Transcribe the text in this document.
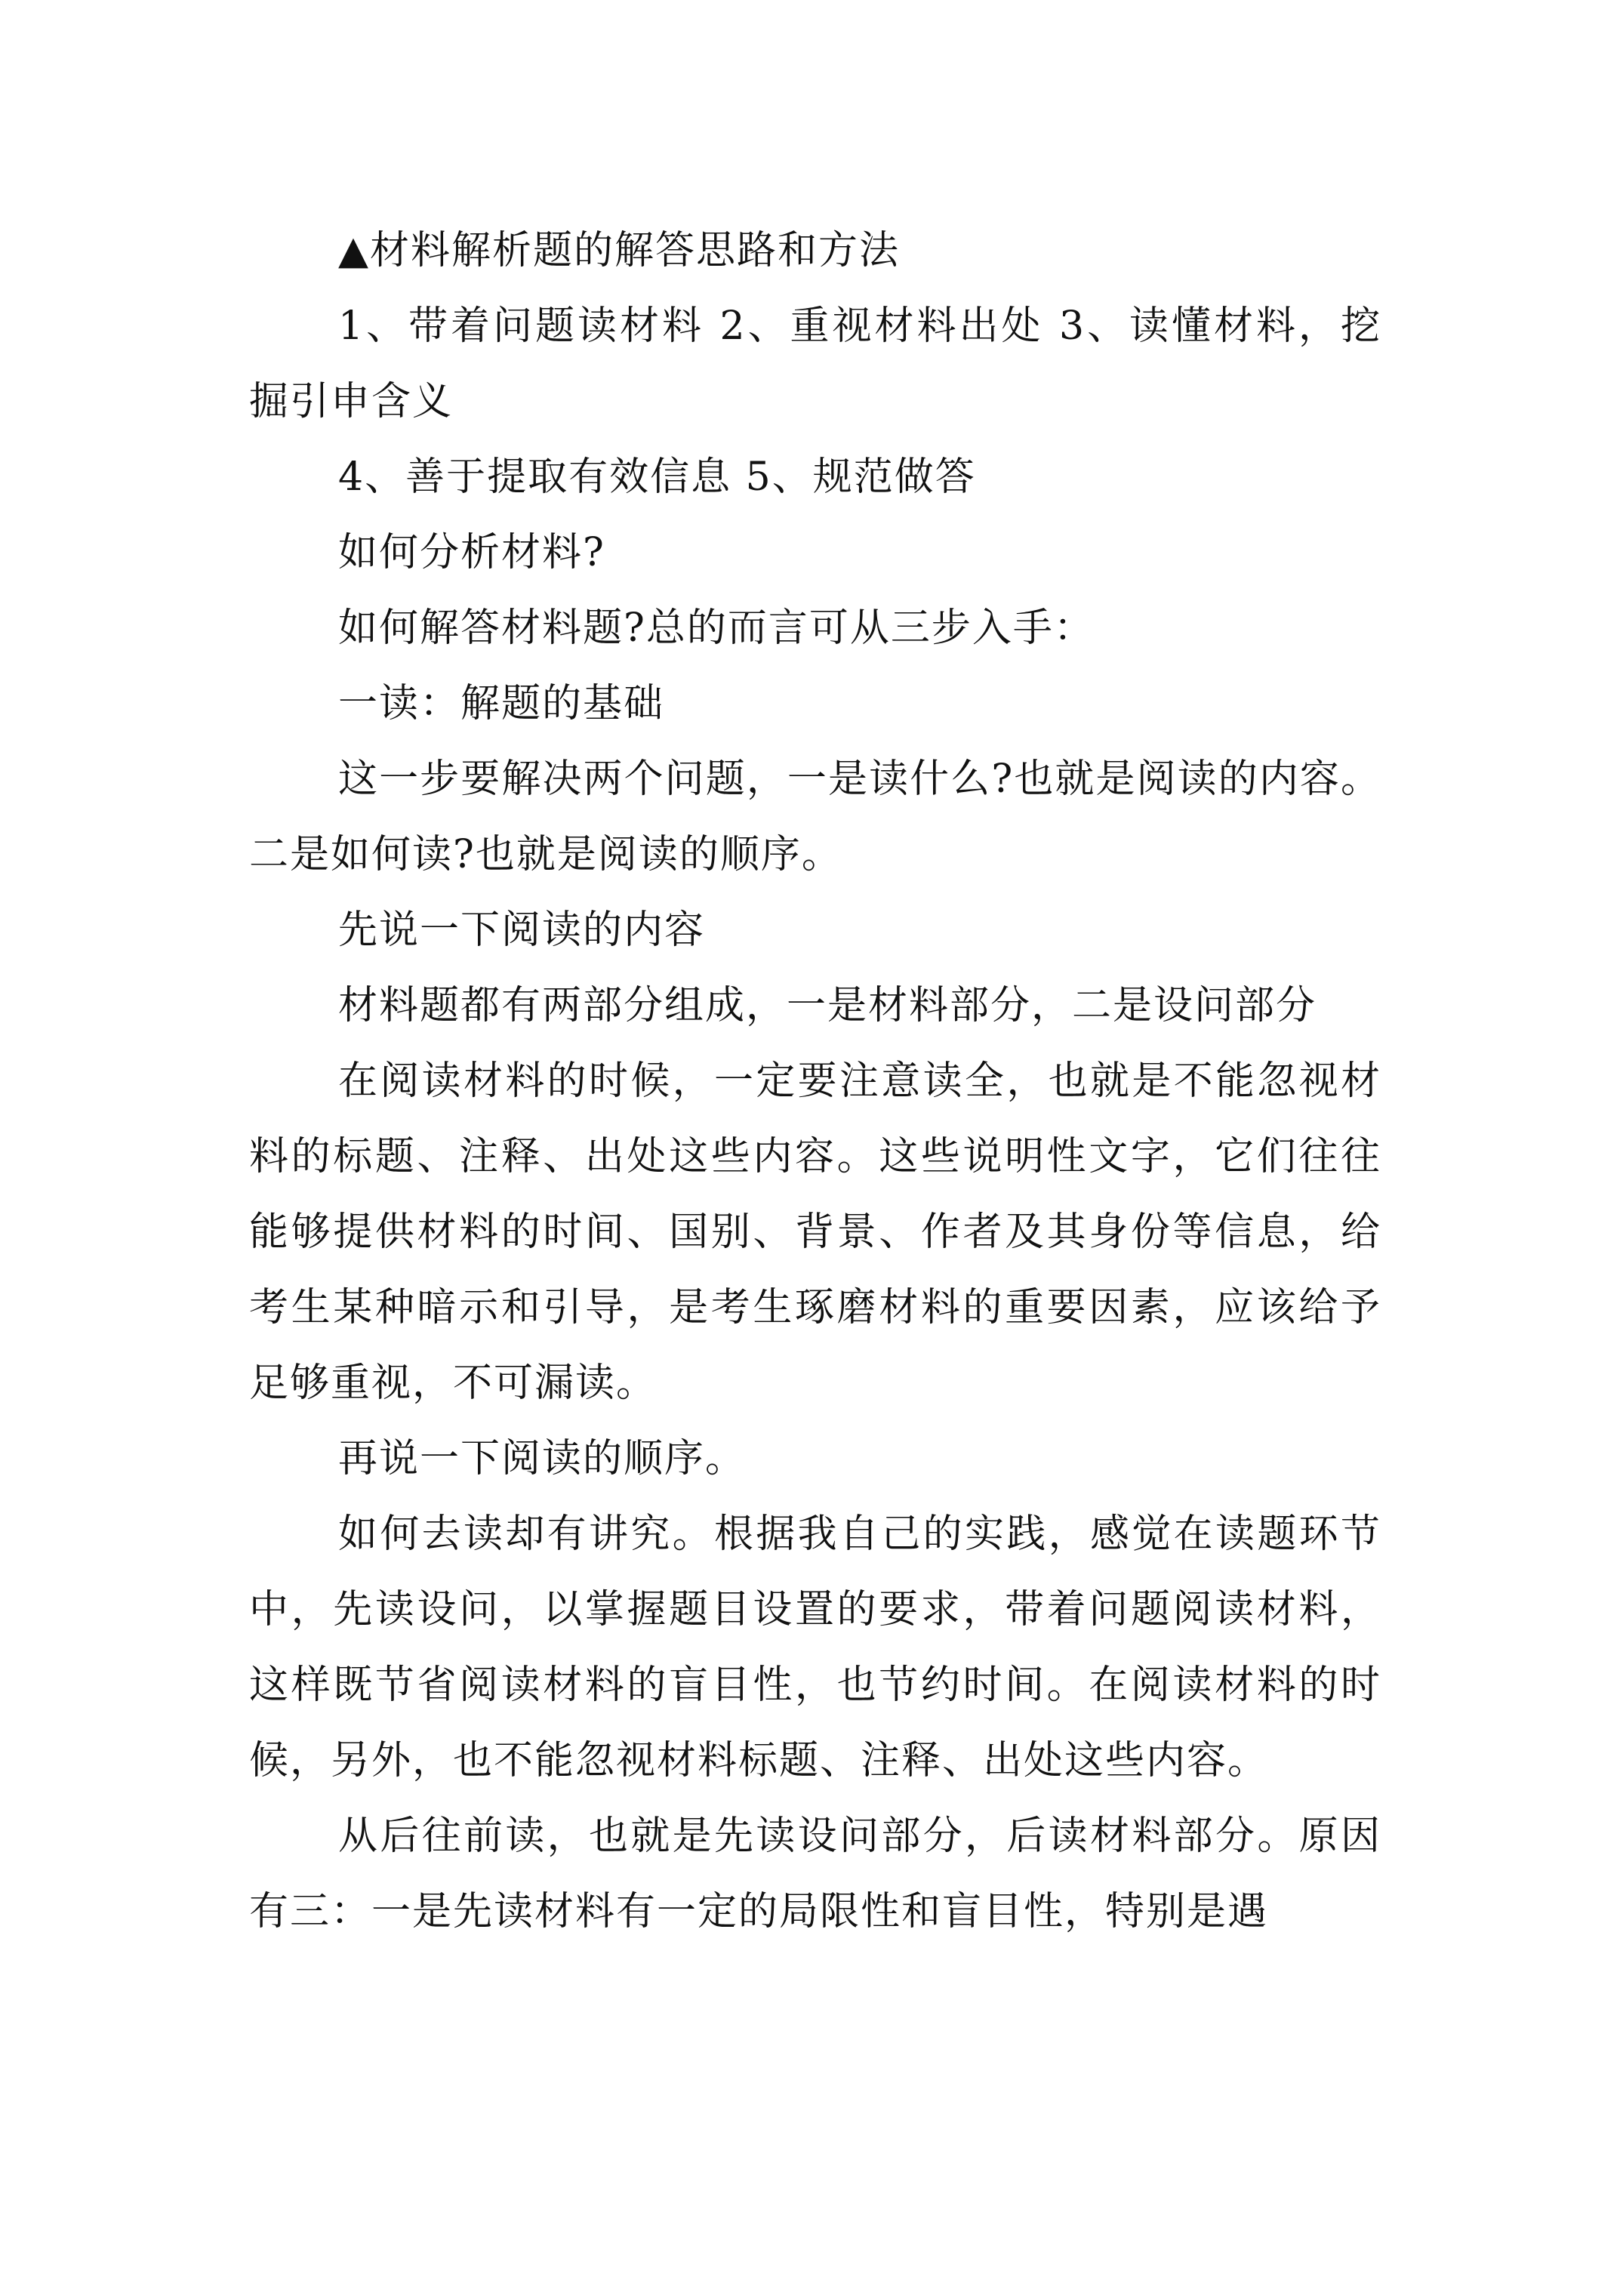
▲材料解析题的解答思路和方法

1、带着问题读材料 2、重视材料出处 3、读懂材料，挖掘引申含义

4、善于提取有效信息 5、规范做答

如何分析材料?

如何解答材料题?总的而言可从三步入手：

一读：解题的基础

这一步要解决两个问题，一是读什么?也就是阅读的内容。二是如何读?也就是阅读的顺序。

先说一下阅读的内容

材料题都有两部分组成，一是材料部分，二是设问部分

在阅读材料的时候，一定要注意读全，也就是不能忽视材料的标题、注释、出处这些内容。这些说明性文字，它们往往能够提供材料的时间、国别、背景、作者及其身份等信息，给考生某种暗示和引导，是考生琢磨材料的重要因素，应该给予足够重视，不可漏读。

再说一下阅读的顺序。

如何去读却有讲究。根据我自己的实践，感觉在读题环节中，先读设问，以掌握题目设置的要求，带着问题阅读材料，这样既节省阅读材料的盲目性，也节约时间。在阅读材料的时候，另外，也不能忽视材料标题、注释、出处这些内容。

从后往前读，也就是先读设问部分，后读材料部分。原因有三：一是先读材料有一定的局限性和盲目性，特别是遇
